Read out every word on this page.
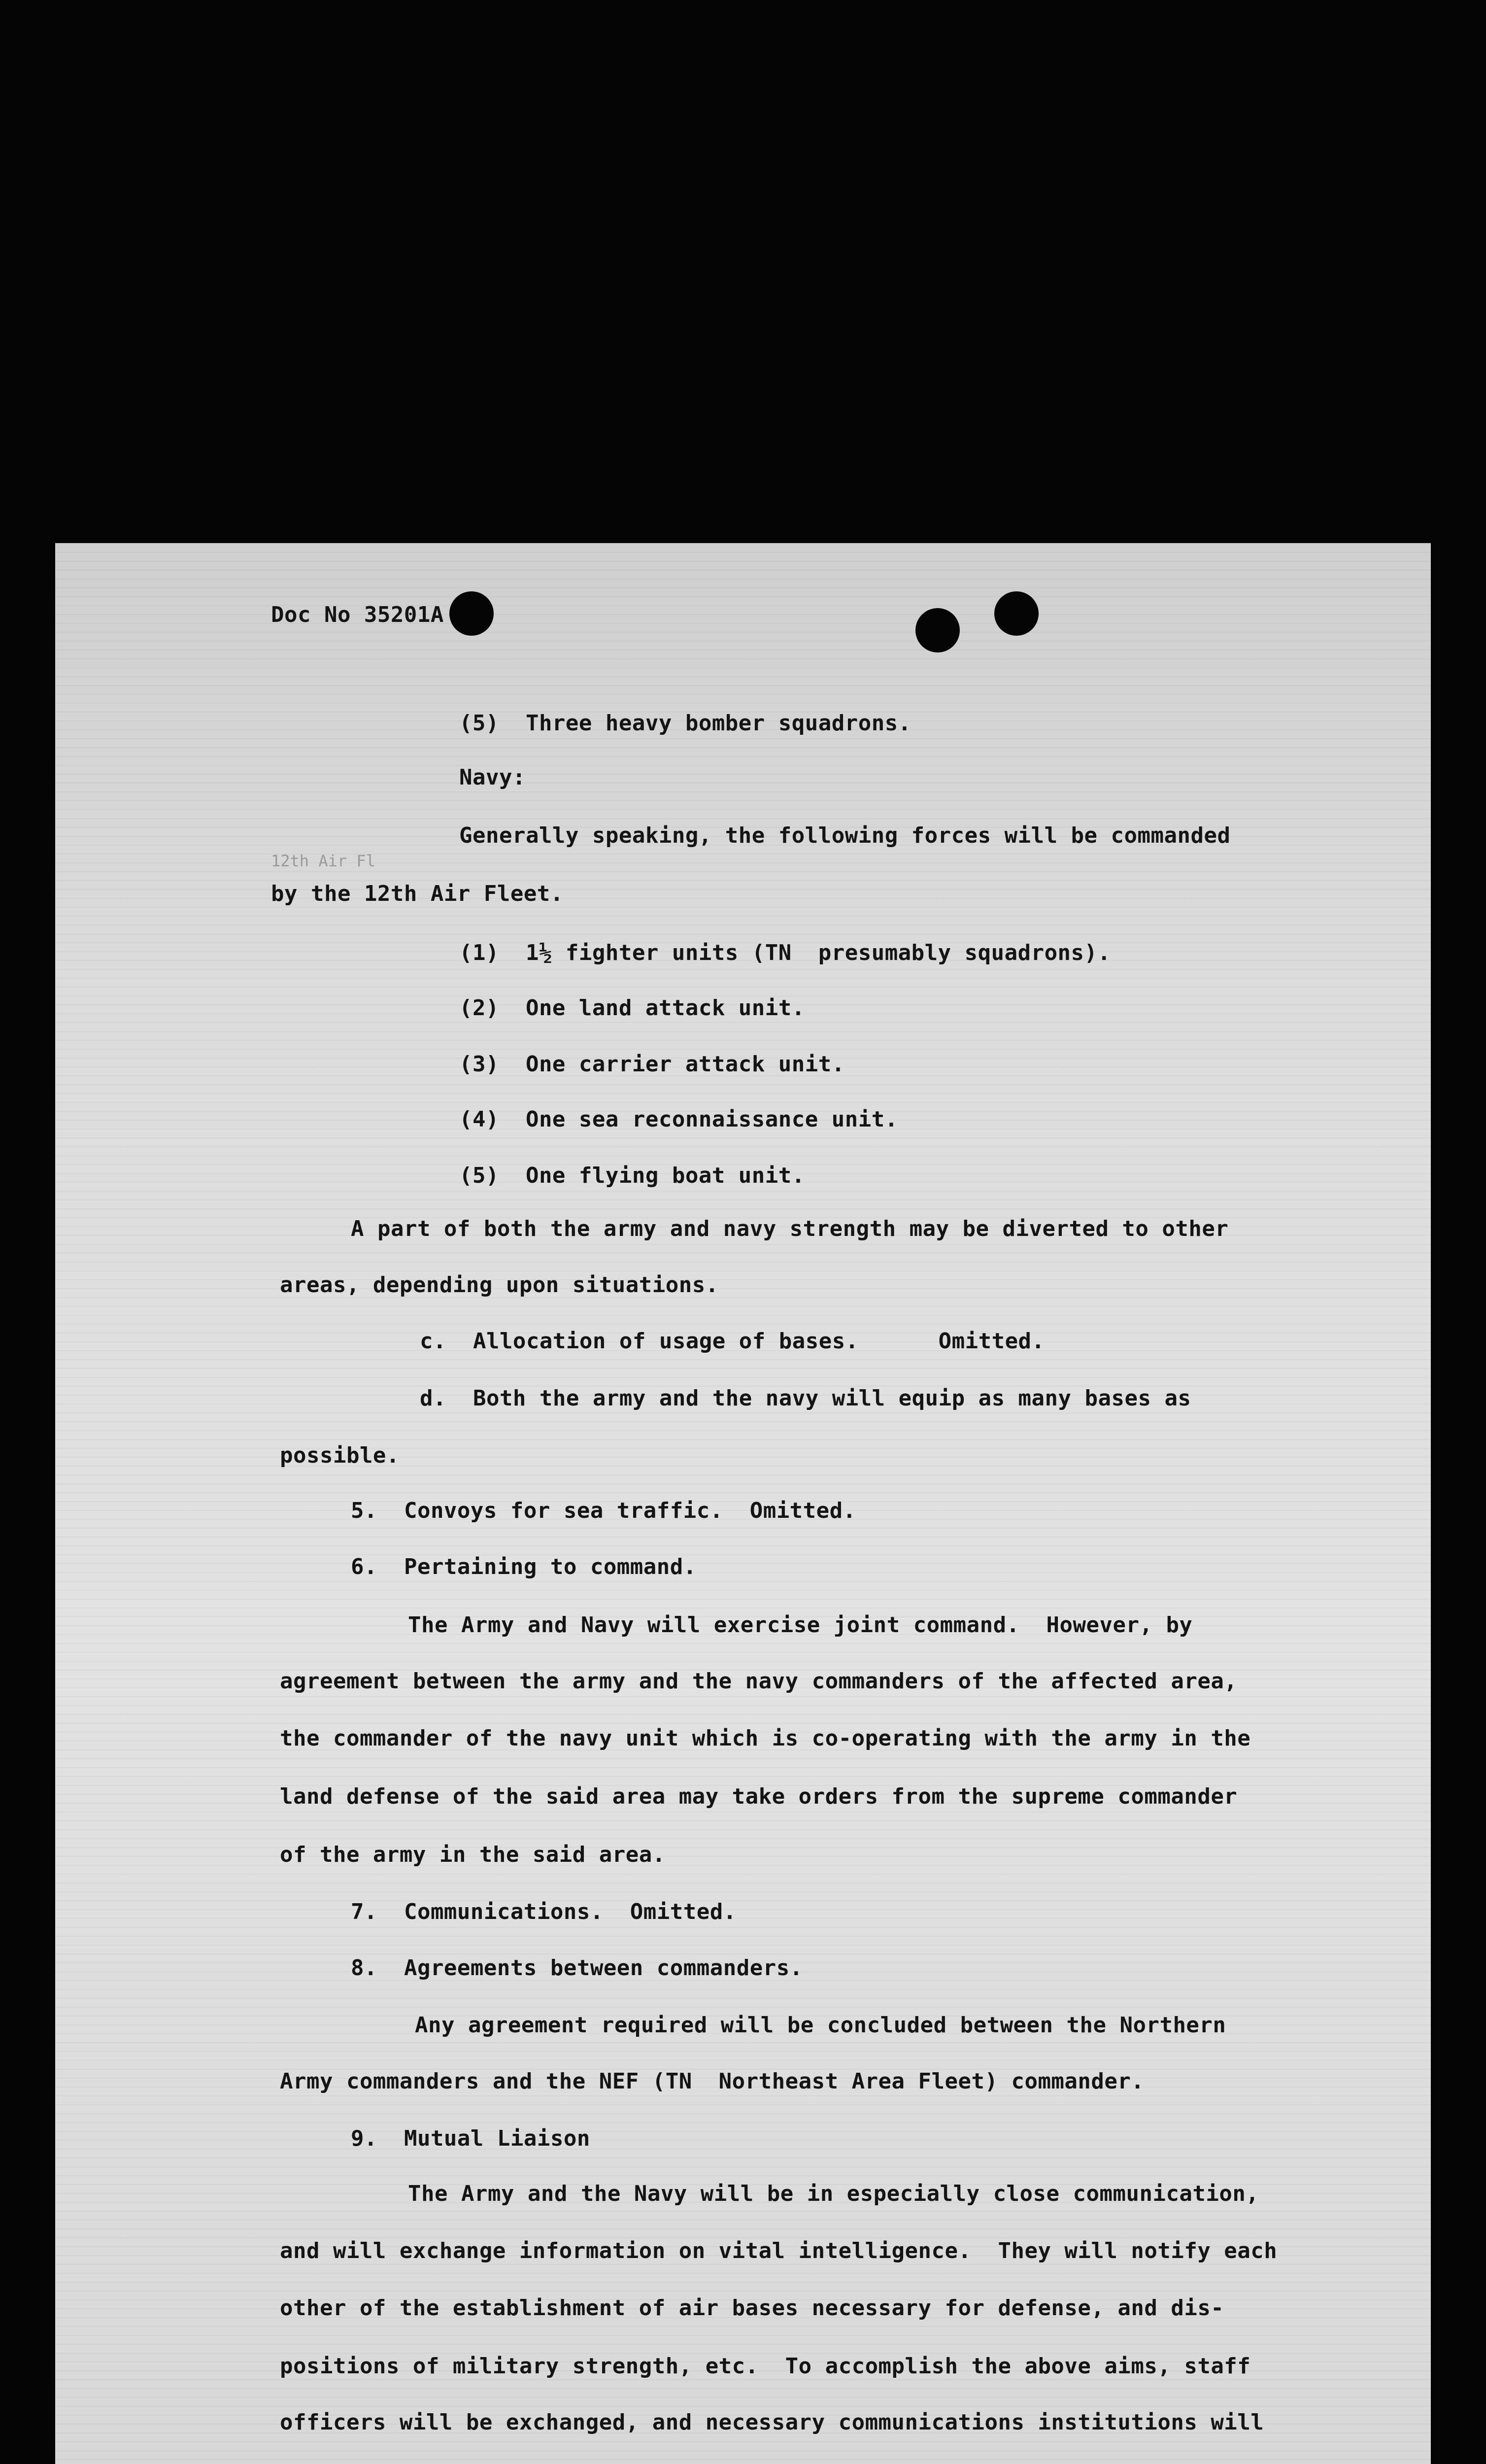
Doc No 35201A
(5)  Three heavy bomber squadrons.
Navy:
Generally speaking, the following forces will be commanded
12th Air Fl
by the 12th Air Fleet.
(1)  1½ fighter units (TN  presumably squadrons).
(2)  One land attack unit.
(3)  One carrier attack unit.
(4)  One sea reconnaissance unit.
(5)  One flying boat unit.
A part of both the army and navy strength may be diverted to other
areas, depending upon situations.
c.  Allocation of usage of bases.      Omitted.
d.  Both the army and the navy will equip as many bases as
possible.
5.  Convoys for sea traffic.  Omitted.
6.  Pertaining to command.
The Army and Navy will exercise joint command.  However, by
agreement between the army and the navy commanders of the affected area,
the commander of the navy unit which is co-operating with the army in the
land defense of the said area may take orders from the supreme commander
of the army in the said area.
7.  Communications.  Omitted.
8.  Agreements between commanders.
Any agreement required will be concluded between the Northern
Army commanders and the NEF (TN  Northeast Area Fleet) commander.
9.  Mutual Liaison
The Army and the Navy will be in especially close communication,
and will exchange information on vital intelligence.  They will notify each
other of the establishment of air bases necessary for defense, and dis-
positions of military strength, etc.  To accomplish the above aims, staff
officers will be exchanged, and necessary communications institutions will
